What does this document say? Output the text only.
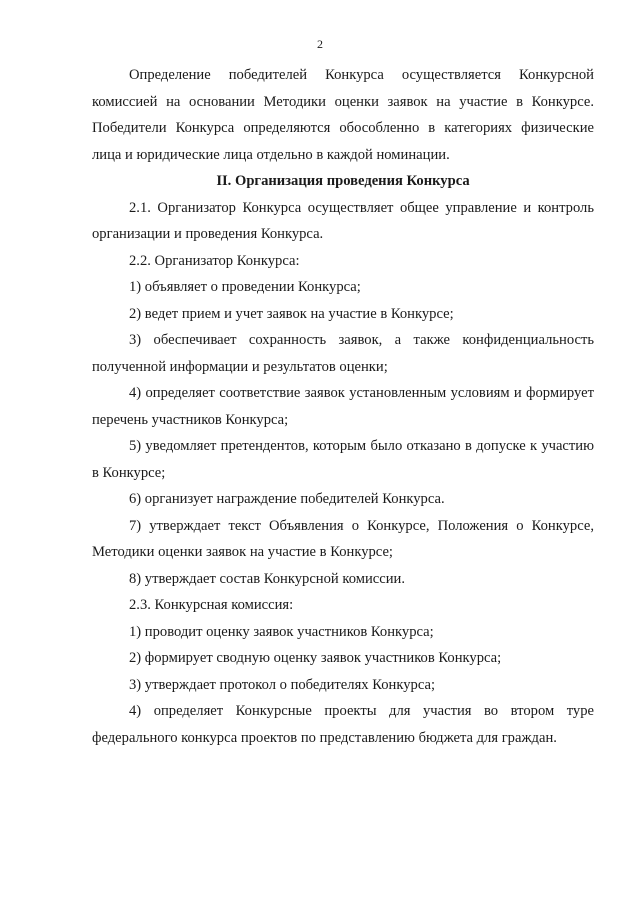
2

Определение победителей Конкурса осуществляется Конкурсной комиссией на основании Методики оценки заявок на участие в Конкурсе. Победители Конкурса определяются обособленно в категориях физические лица и юридические лица отдельно в каждой номинации.

II. Организация проведения Конкурса

2.1. Организатор Конкурса осуществляет общее управление и контроль организации и проведения Конкурса.

2.2. Организатор Конкурса:

1) объявляет о проведении Конкурса;

2) ведет прием и учет заявок на участие в Конкурсе;

3) обеспечивает сохранность заявок, а также конфиденциальность полученной информации и результатов оценки;

4) определяет соответствие заявок установленным условиям и формирует перечень участников Конкурса;

5) уведомляет претендентов, которым было отказано в допуске к участию в Конкурсе;

6) организует награждение победителей Конкурса.

7) утверждает текст Объявления о Конкурсе, Положения о Конкурсе, Методики оценки заявок на участие в Конкурсе;

8) утверждает состав Конкурсной комиссии.

2.3. Конкурсная комиссия:

1) проводит оценку заявок участников Конкурса;

2) формирует сводную оценку заявок участников Конкурса;

3) утверждает протокол о победителях Конкурса;

4) определяет Конкурсные проекты для участия во втором туре федерального конкурса проектов по представлению бюджета для граждан.
